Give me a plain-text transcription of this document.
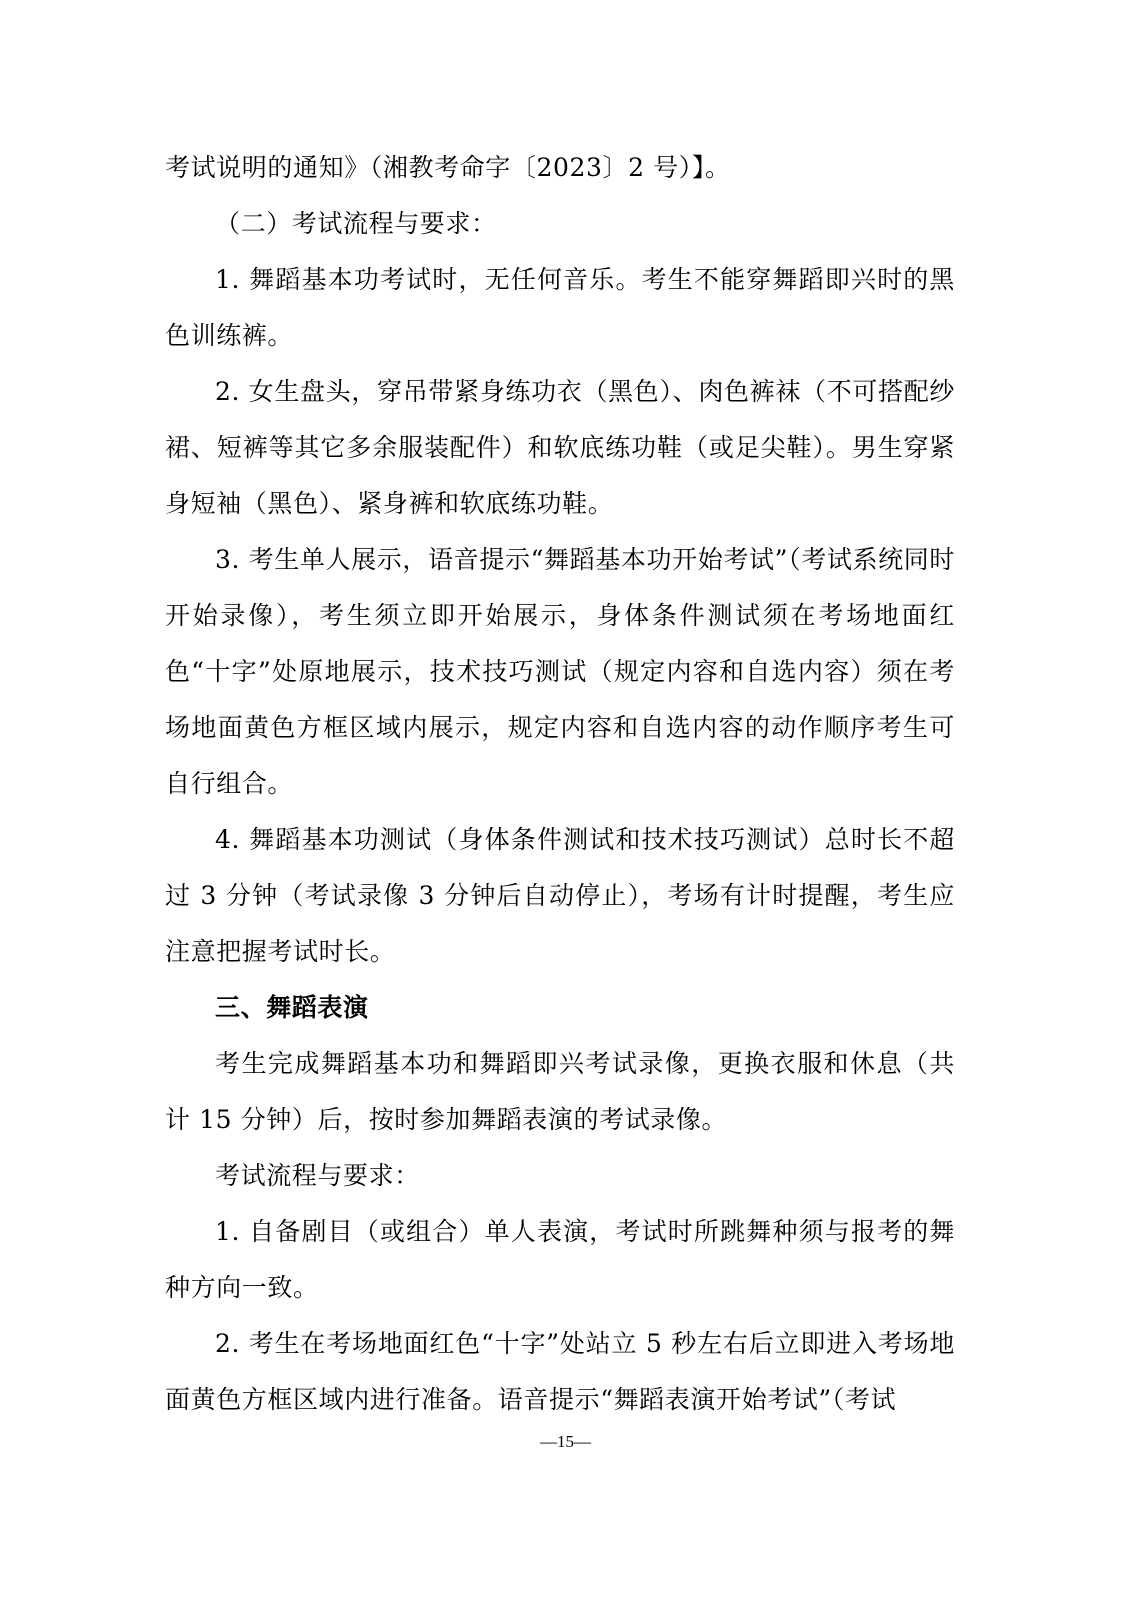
考试说明的通知》（湘教考命字〔2023〕2 号）】。

（二）考试流程与要求：

1. 舞蹈基本功考试时，无任何音乐。考生不能穿舞蹈即兴时的黑色训练裤。

2. 女生盘头，穿吊带紧身练功衣（黑色）、肉色裤袜（不可搭配纱裙、短裤等其它多余服装配件）和软底练功鞋（或足尖鞋）。男生穿紧身短袖（黑色）、紧身裤和软底练功鞋。

3. 考生单人展示，语音提示“舞蹈基本功开始考试”（考试系统同时开始录像），考生须立即开始展示，身体条件测试须在考场地面红色“十字”处原地展示，技术技巧测试（规定内容和自选内容）须在考场地面黄色方框区域内展示，规定内容和自选内容的动作顺序考生可自行组合。

4. 舞蹈基本功测试（身体条件测试和技术技巧测试）总时长不超过 3 分钟（考试录像 3 分钟后自动停止），考场有计时提醒，考生应注意把握考试时长。

三、舞蹈表演

考生完成舞蹈基本功和舞蹈即兴考试录像，更换衣服和休息（共计 15 分钟）后，按时参加舞蹈表演的考试录像。

考试流程与要求：

1. 自备剧目（或组合）单人表演，考试时所跳舞种须与报考的舞种方向一致。

2. 考生在考场地面红色“十字”处站立 5 秒左右后立即进入考场地面黄色方框区域内进行准备。语音提示“舞蹈表演开始考试”（考试

—15—
